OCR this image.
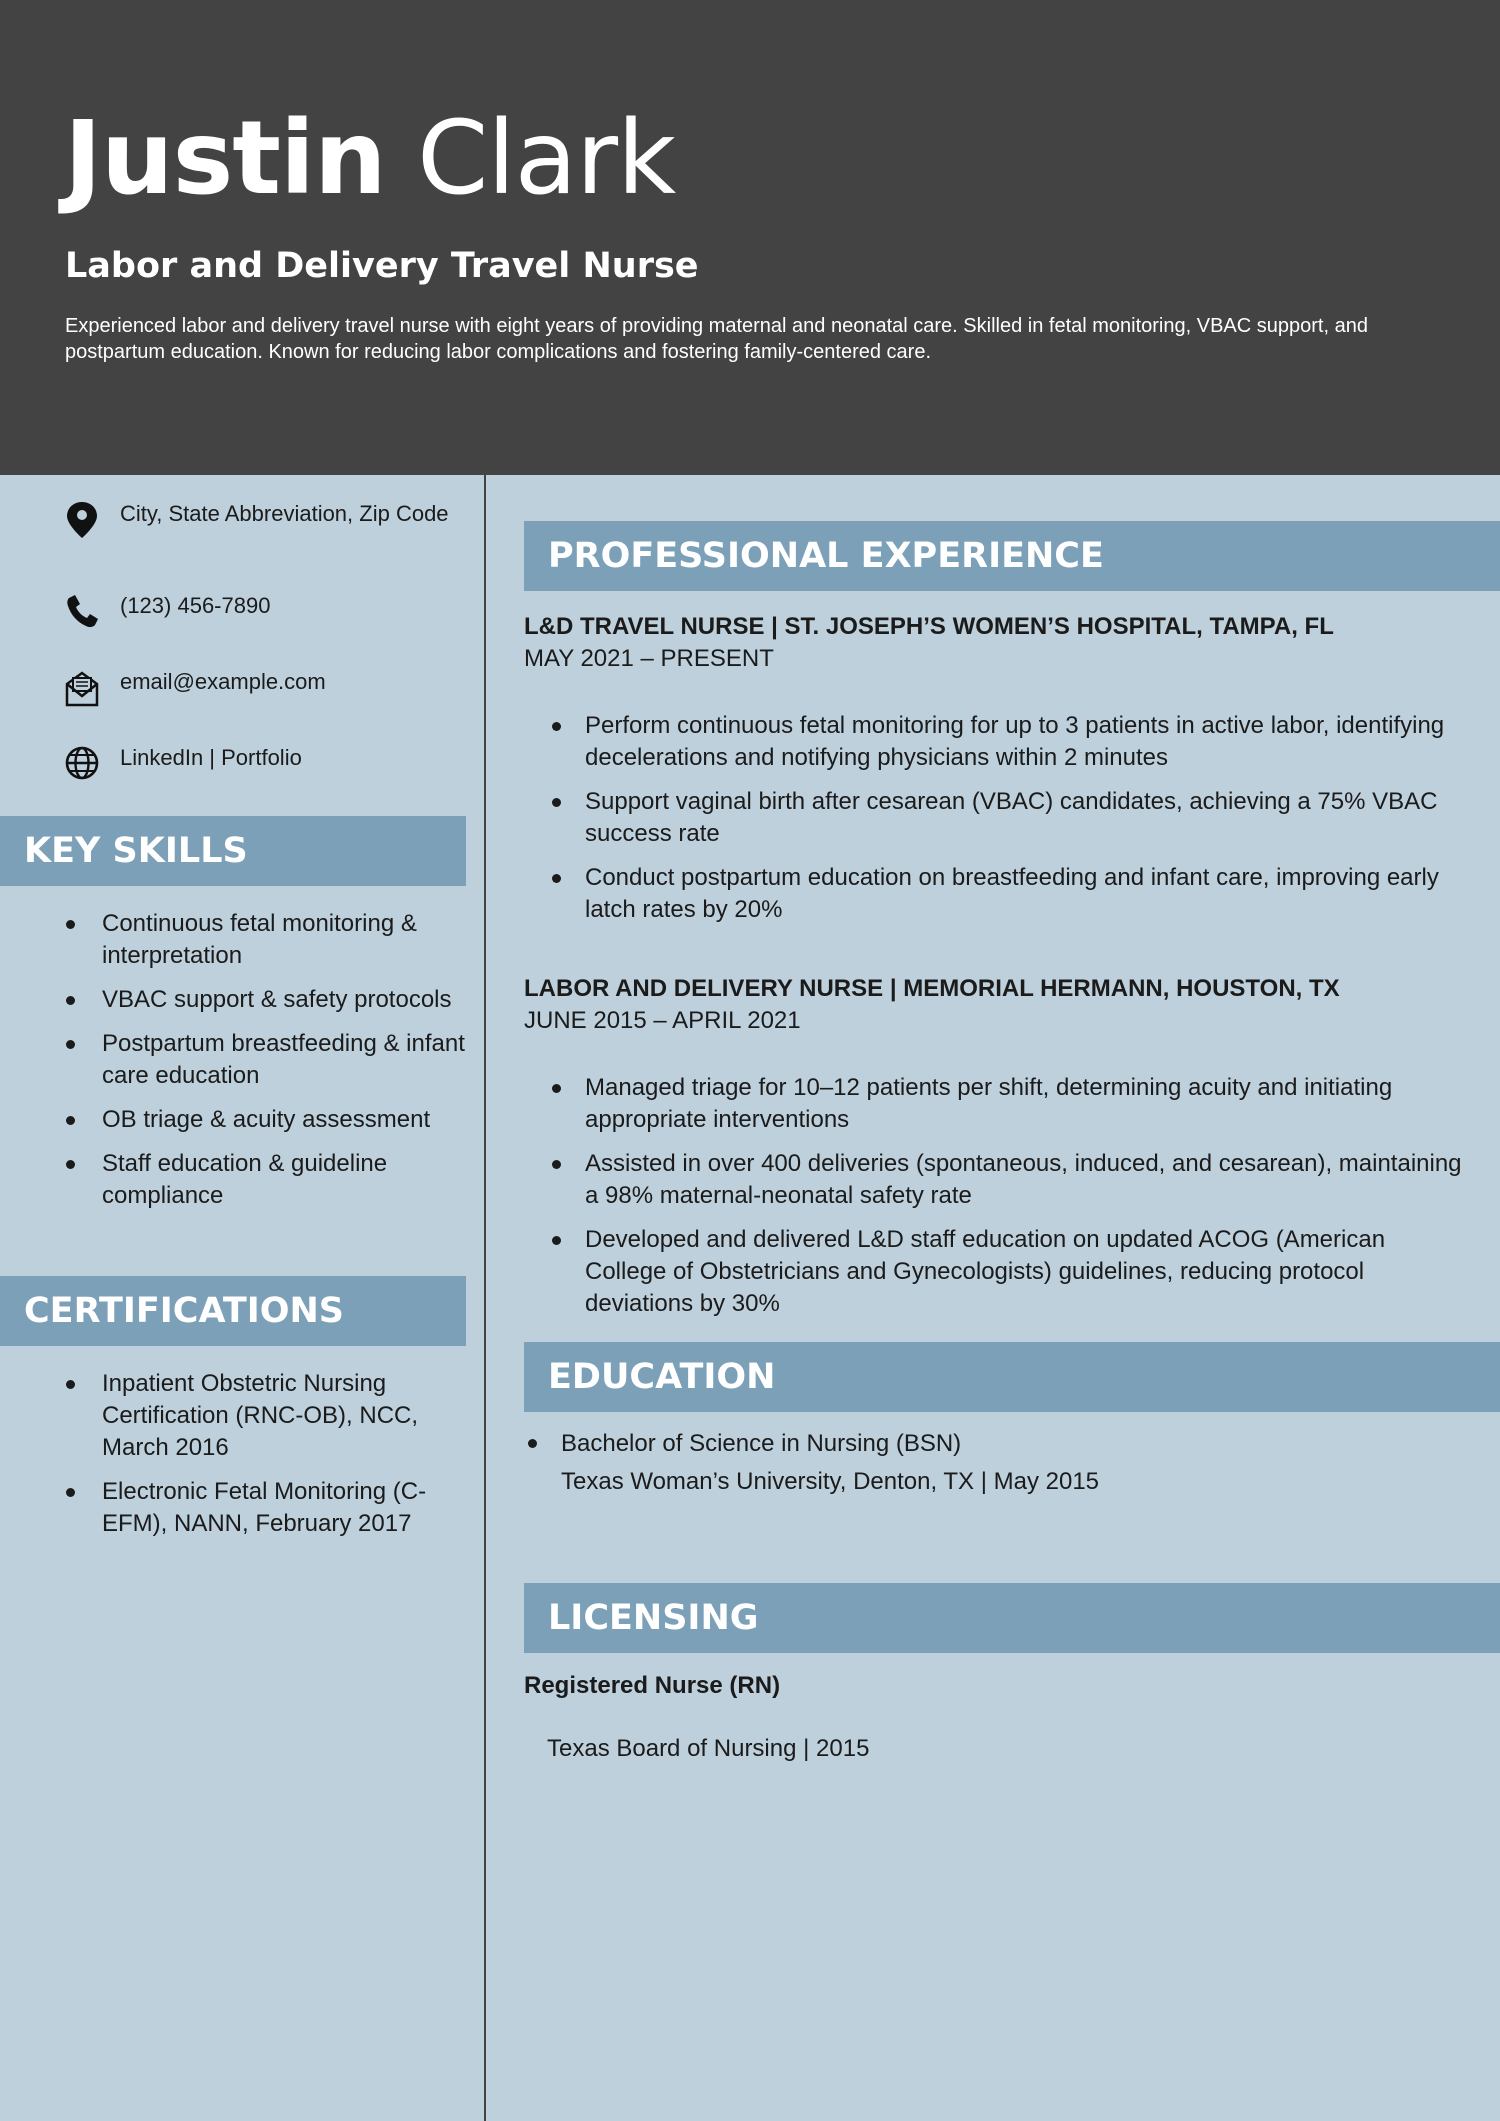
Justin Clark
Labor and Delivery Travel Nurse
Experienced labor and delivery travel nurse with eight years of providing maternal and neonatal care. Skilled in fetal monitoring, VBAC support, and postpartum education. Known for reducing labor complications and fostering family-centered care.
City, State Abbreviation, Zip Code
(123) 456-7890
email@example.com
LinkedIn | Portfolio
KEY SKILLS
Continuous fetal monitoring & interpretation
VBAC support & safety protocols
Postpartum breastfeeding & infant care education
OB triage & acuity assessment
Staff education & guideline compliance
CERTIFICATIONS
Inpatient Obstetric Nursing Certification (RNC-OB), NCC, March 2016
Electronic Fetal Monitoring (C-EFM), NANN, February 2017
PROFESSIONAL EXPERIENCE
L&D TRAVEL NURSE | ST. JOSEPH’S WOMEN’S HOSPITAL, TAMPA, FL
MAY 2021 – PRESENT
Perform continuous fetal monitoring for up to 3 patients in active labor, identifying decelerations and notifying physicians within 2 minutes
Support vaginal birth after cesarean (VBAC) candidates, achieving a 75% VBAC success rate
Conduct postpartum education on breastfeeding and infant care, improving early latch rates by 20%
LABOR AND DELIVERY NURSE | MEMORIAL HERMANN, HOUSTON, TX
JUNE 2015 – APRIL 2021
Managed triage for 10–12 patients per shift, determining acuity and initiating appropriate interventions
Assisted in over 400 deliveries (spontaneous, induced, and cesarean), maintaining a 98% maternal-neonatal safety rate
Developed and delivered L&D staff education on updated ACOG (American College of Obstetricians and Gynecologists) guidelines, reducing protocol deviations by 30%
EDUCATION
Bachelor of Science in Nursing (BSN)
Texas Woman’s University, Denton, TX | May 2015
LICENSING
Registered Nurse (RN)
Texas Board of Nursing | 2015
